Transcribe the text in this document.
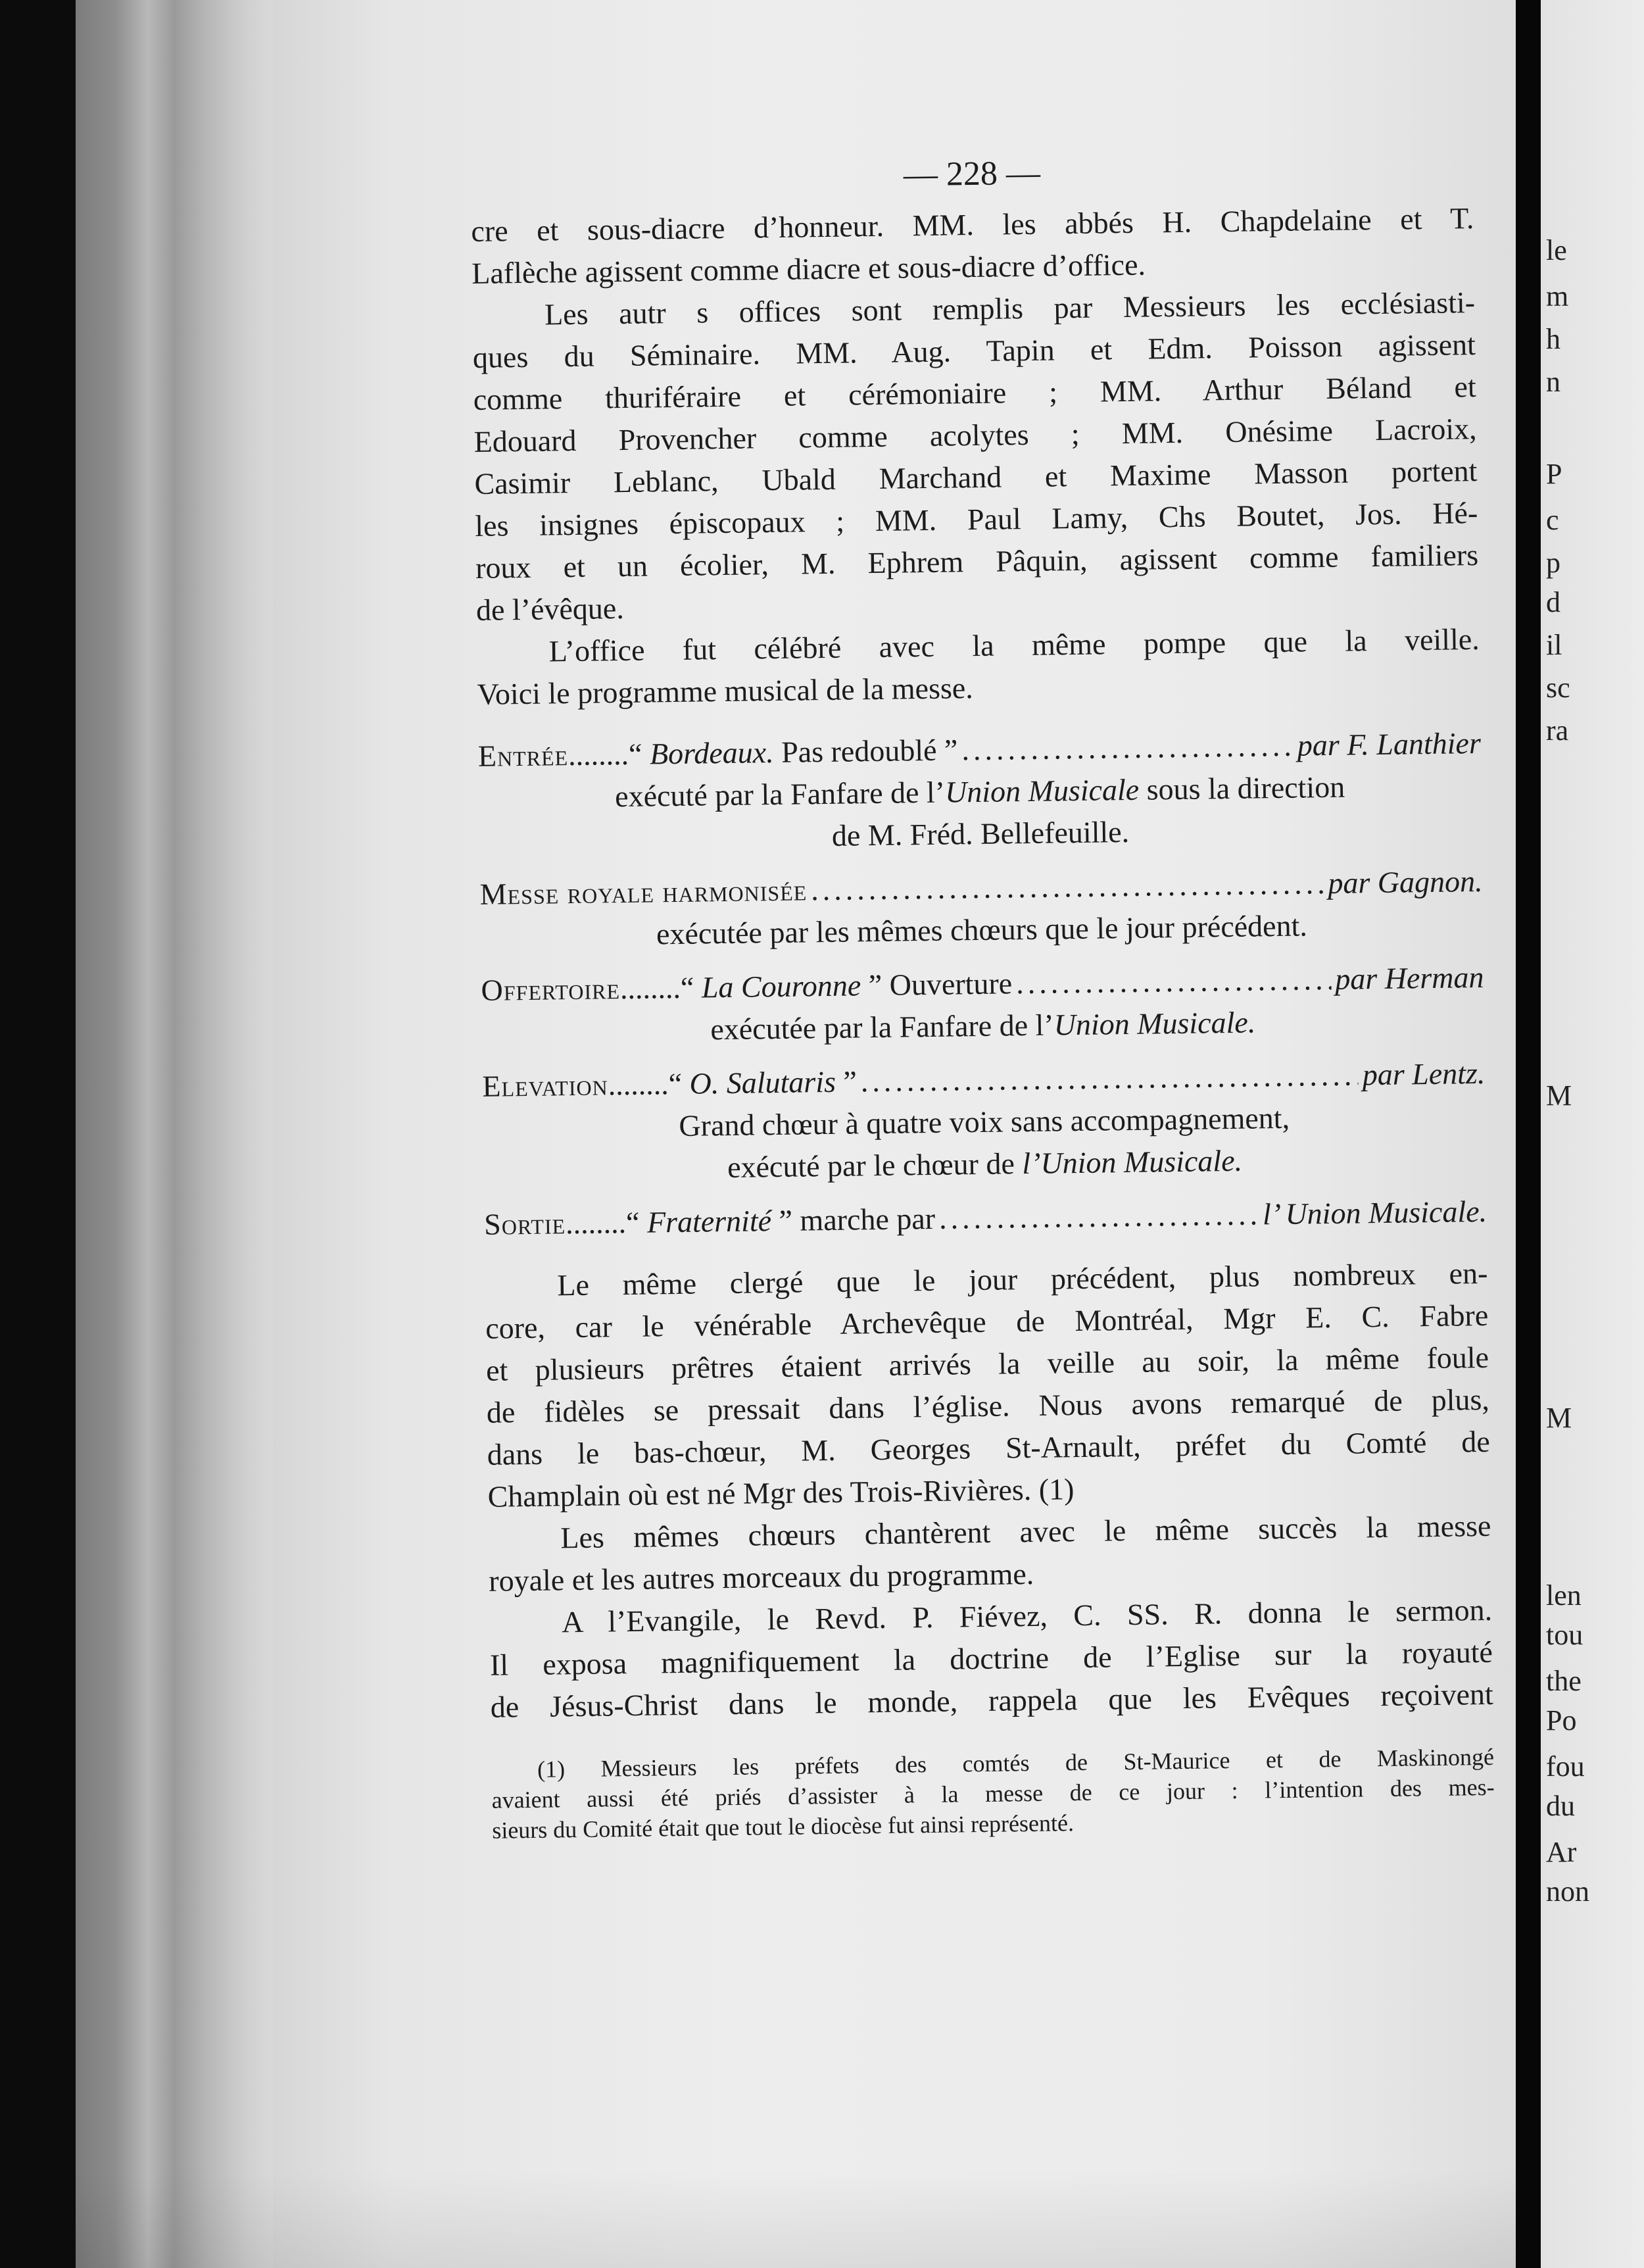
le
m
h
n
P
c
p
d
il
sc
ra
M
M
len
tou
the
Po
fou
du
Ar
non
— 228 —
cre et sous-diacre d’honneur. MM. les abbés H. Chapdelaine et T.
Laflèche agissent comme diacre et sous-diacre d’office.
Les autr s offices sont remplis par Messieurs les ecclésiasti-
ques du Séminaire. MM. Aug. Tapin et Edm. Poisson agissent
comme thuriféraire et cérémoniaire ; MM. Arthur Béland et
Edouard Provencher comme acolytes ; MM. Onésime Lacroix,
Casimir Leblanc, Ubald Marchand et Maxime Masson portent
les insignes épiscopaux ; MM. Paul Lamy, Chs Boutet, Jos. Hé-
roux et un écolier, M. Ephrem Pâquin, agissent comme familiers
de l’évêque.
L’office fut célébré avec la même pompe que la veille.
Voici le programme musical de la messe.
Entrée........“ Bordeaux. Pas redoublé ” .....	par F. Lanthier
exécuté par la Fanfare de l’Union Musicale sous la direction
de M. Fréd. Bellefeuille.
Messe royale harmonisée .....	par Gagnon.
exécutée par les mêmes chœurs que le jour précédent.
Offertoire........“ La Couronne ” Ouverture .....	par Herman
exécutée par la Fanfare de l’Union Musicale.
Elevation........“ O. Salutaris ” .....	par Lentz.
Grand chœur à quatre voix sans accompagnement,
exécuté par le chœur de l’Union Musicale.
Sortie........“ Fraternité ” marche par .....	l’ Union Musicale.
Le même clergé que le jour précédent, plus nombreux en-
core, car le vénérable Archevêque de Montréal, Mgr E. C. Fabre
et plusieurs prêtres étaient arrivés la veille au soir, la même foule
de fidèles se pressait dans l’église. Nous avons remarqué de plus,
dans le bas-chœur, M. Georges St-Arnault, préfet du Comté de
Champlain où est né Mgr des Trois-Rivières. (1)
Les mêmes chœurs chantèrent avec le même succès la messe
royale et les autres morceaux du programme.
A l’Evangile, le Revd. P. Fiévez, C. SS. R. donna le sermon.
Il exposa magnifiquement la doctrine de l’Eglise sur la royauté
de Jésus-Christ dans le monde, rappela que les Evêques reçoivent
(1) Messieurs les préfets des comtés de St-Maurice et de Maskinongé
avaient aussi été priés d’assister à la messe de ce jour : l’intention des mes-
sieurs du Comité était que tout le diocèse fut ainsi représenté.
